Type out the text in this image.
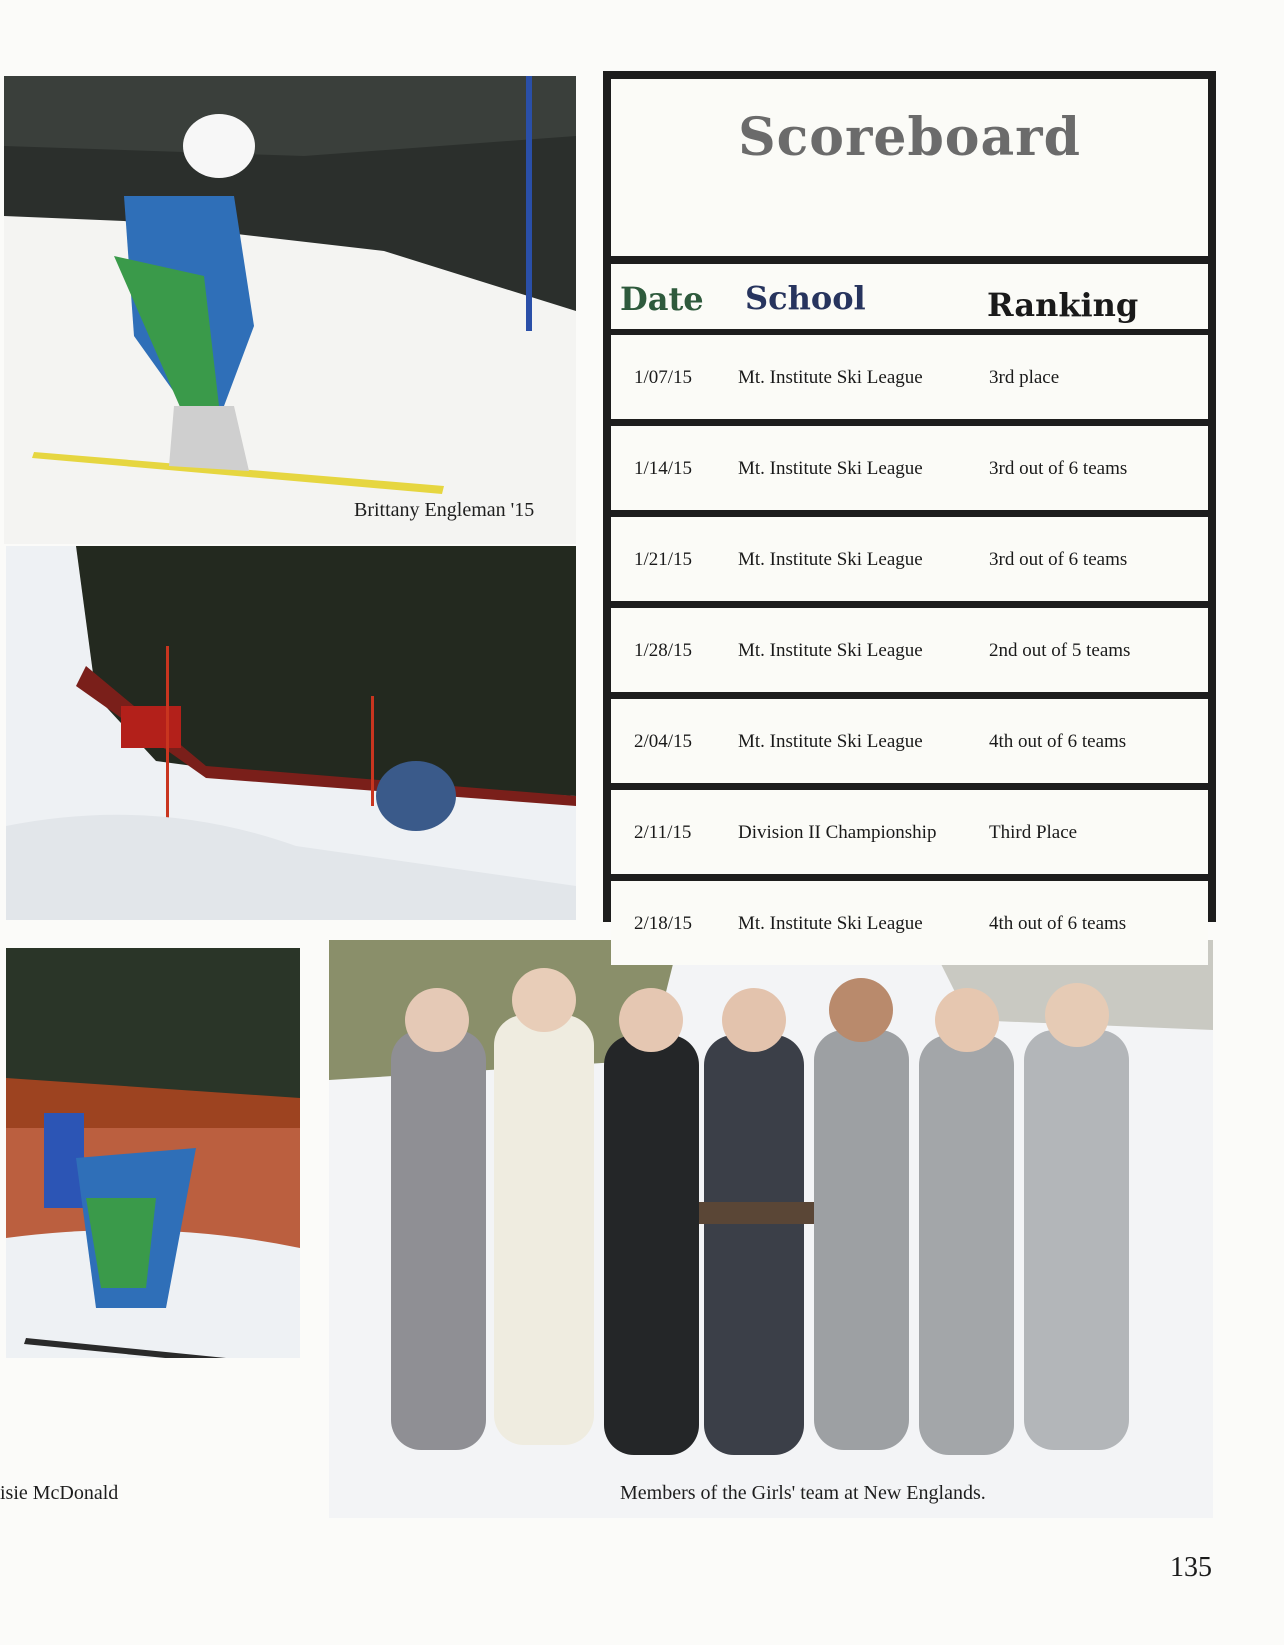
Brittany Engleman '15
isie McDonald	Members of the Girls' team at New Englands.
Scoreboard
Date School	Ranking
1/07/15 Mt. Institute Ski League	3rd place
1/14/15 Mt. Institute Ski League	3rd out of 6 teams
1/21/15 Mt. Institute Ski League	3rd out of 6 teams
1/28/15 Mt. Institute Ski League	2nd out of 5 teams
2/04/15 Mt. Institute Ski League	4th out of 6 teams
2/11/15 Division II Championship	Third Place
2/18/15 Mt. Institute Ski League	4th out of 6 teams
135
